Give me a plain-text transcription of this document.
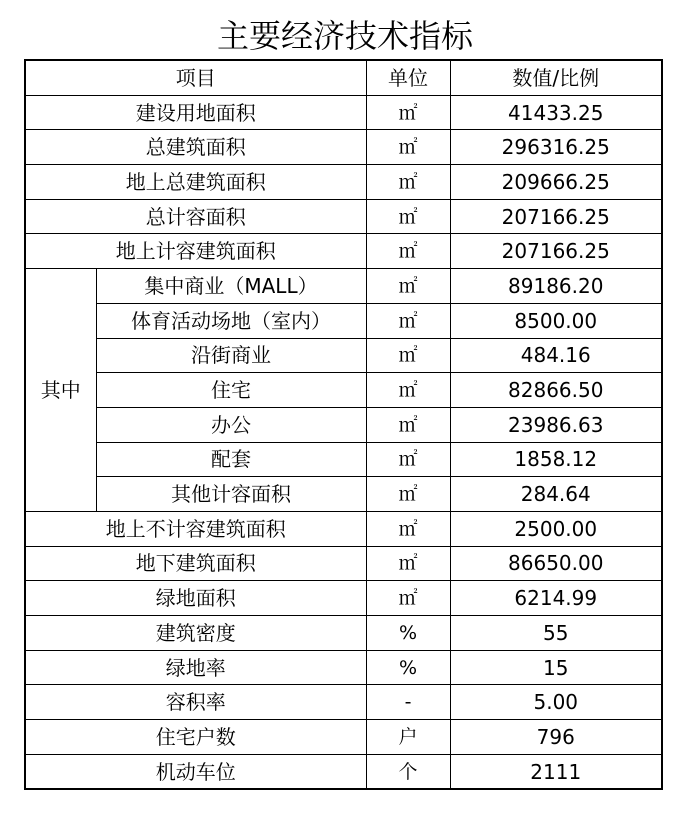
主要经济技术指标
项目		单位	数值/比例
建设用地面积		㎡	41433.25
总建筑面积		㎡	296316.25
地上总建筑面积		㎡	209666.25
总计容面积		㎡	207166.25
地上计容建筑面积		㎡	207166.25
其中	集中商业（MALL）	㎡	89186.20
	体育活动场地（室内）	㎡	8500.00
	沿街商业	㎡	484.16
	住宅	㎡	82866.50
	办公	㎡	23986.63
	配套	㎡	1858.12
	其他计容面积	㎡	284.64
地上不计容建筑面积		㎡	2500.00
地下建筑面积		㎡	86650.00
绿地面积		㎡	6214.99
建筑密度		%	55
绿地率		%	15
容积率		-	5.00
住宅户数		户	796
机动车位		个	2111
